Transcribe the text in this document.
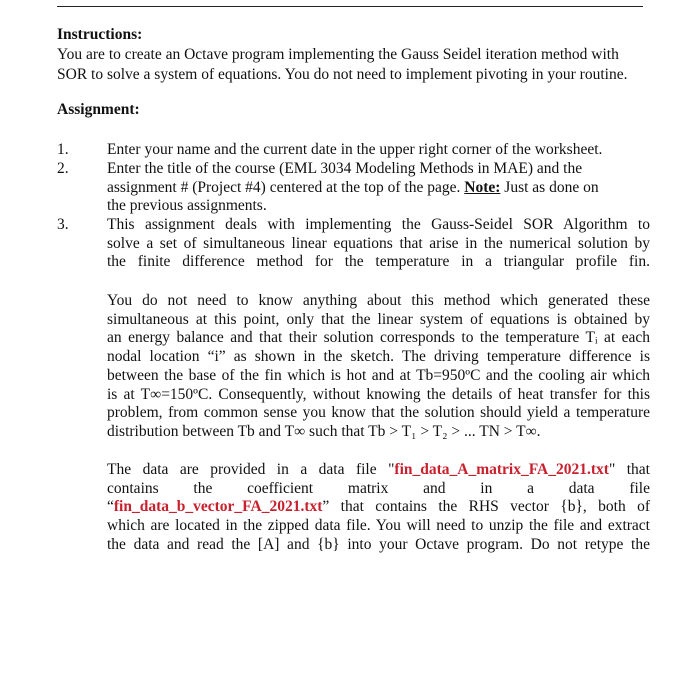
Instructions:
You are to create an Octave program implementing the Gauss Seidel iteration method with
SOR to solve a system of equations. You do not need to implement pivoting in your routine.
Assignment:
1. Enter your name and the current date in the upper right corner of the worksheet.
2. Enter the title of the course (EML 3034 Modeling Methods in MAE) and the
assignment # (Project #4) centered at the top of the page. Note: Just as done on
the previous assignments.
3. This assignment deals with implementing the Gauss-Seidel SOR Algorithm to
solve a set of simultaneous linear equations that arise in the numerical solution by
the finite difference method for the temperature in a triangular profile fin.
You do not need to know anything about this method which generated these
simultaneous at this point, only that the linear system of equations is obtained by
an energy balance and that their solution corresponds to the temperature Tᵢ at each
nodal location “i” as shown in the sketch. The driving temperature difference is
between the base of the fin which is hot and at Tb=950ºC and the cooling air which
is at T∞=150ºC. Consequently, without knowing the details of heat transfer for this
problem, from common sense you know that the solution should yield a temperature
distribution between Tb and T∞ such that Tb > T₁ > T₂ > ... TN > T∞.
The data are provided in a data file "fin_data_A_matrix_FA_2021.txt" that
contains the coefficient matrix and in a data file
“fin_data_b_vector_FA_2021.txt” that contains the RHS vector {b}, both of
which are located in the zipped data file. You will need to unzip the file and extract
the data and read the [A] and {b} into your Octave program. Do not retype the
